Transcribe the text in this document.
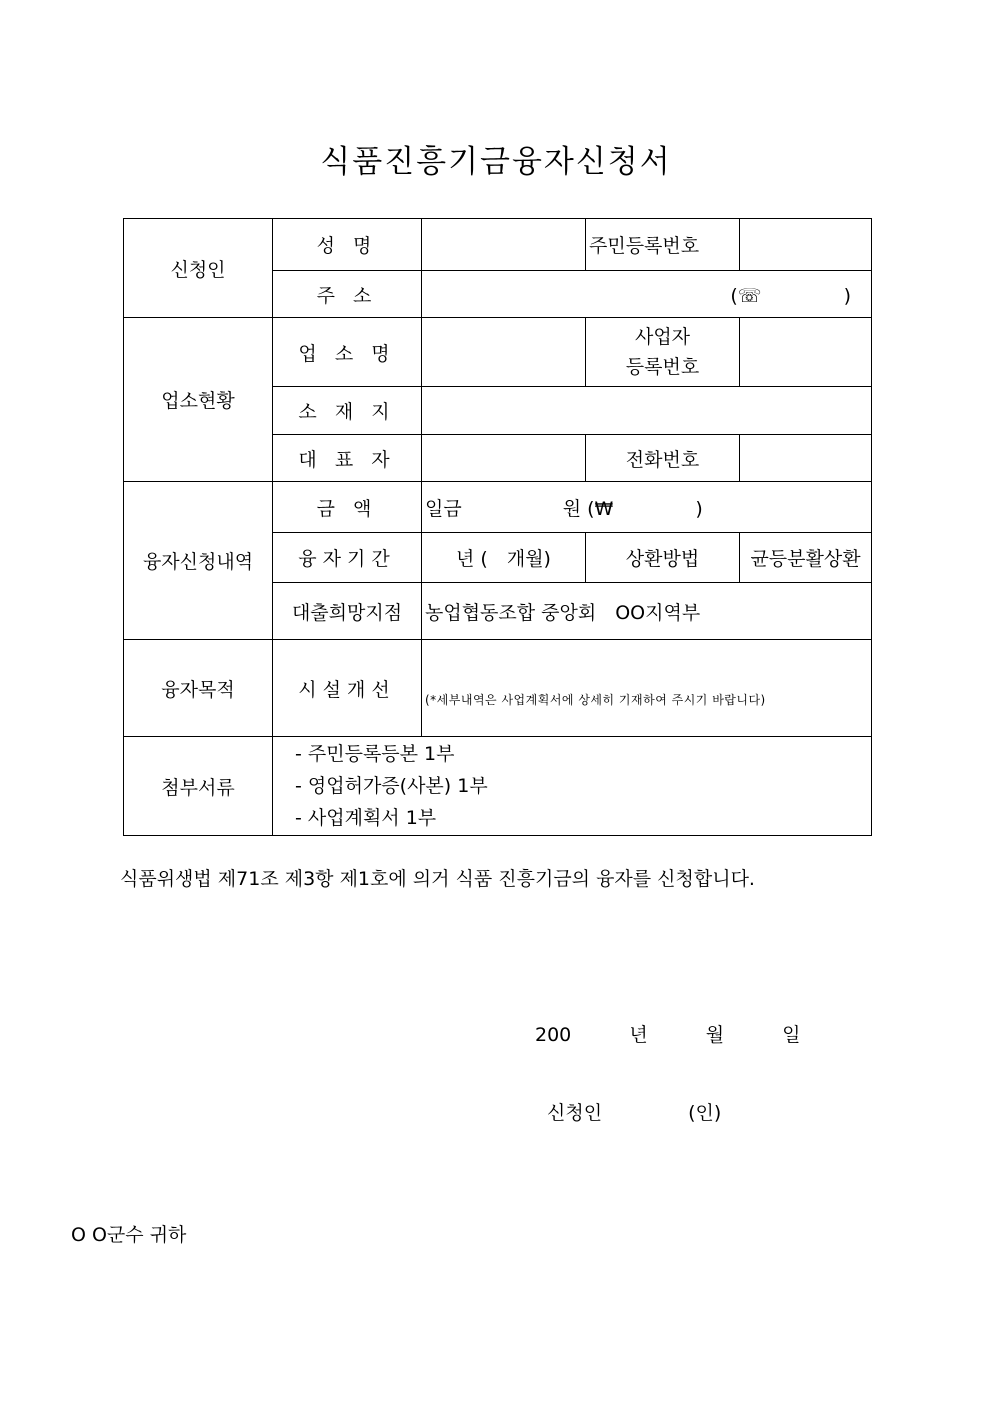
식품진흥기금융자신청서
신청인	성 명		주민등록번호	
	주 소	(☏　　　　 )		
업소현황	업 소 명		사업자
등록번호	

	소 재 지			
	대 표 자		전화번호	
융자신청내역	금 액	일금　　　　　 원 (₩　　　　 )		
	융자기간	년 (　개월)	상환방법	균등분활상환
	대출희망지점	농업협동조합 중앙회　OO지역부		
융자목적	시설개선	(*세부내역은 사업계획서에 상세히 기재하여 주시기 바랍니다)		

첨부서류	- 주민등록등본 1부
- 영업허가증(사본) 1부
- 사업계획서 1부			
식품위생법 제71조 제3항 제1호에 의거 식품 진흥기금의 융자를 신청합니다.
200	년	월	일
신청인	(인)
O O군수 귀하
